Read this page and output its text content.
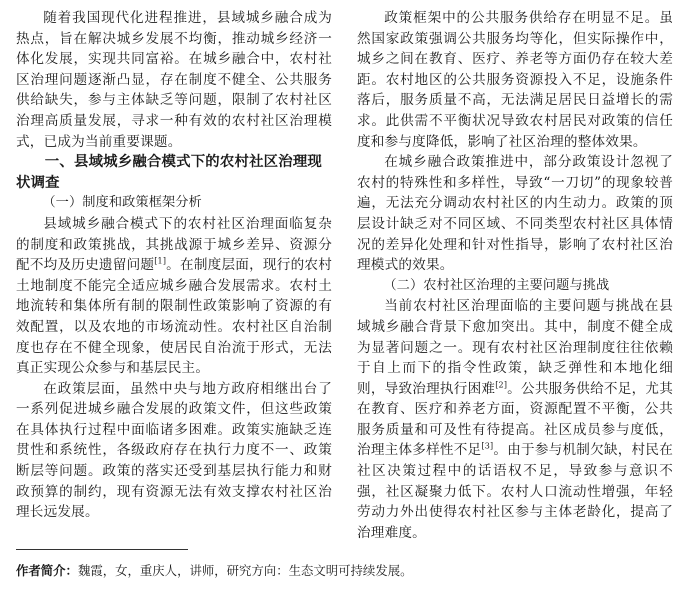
随着我国现代化进程推进，县域城乡融合成为热点，旨在解决城乡发展不均衡，推动城乡经济一体化发展，实现共同富裕。在城乡融合中，农村社区治理问题逐渐凸显，存在制度不健全、公共服务供给缺失，参与主体缺乏等问题，限制了农村社区治理高质量发展，寻求一种有效的农村社区治理模式，已成为当前重要课题。

一、县域城乡融合模式下的农村社区治理现状调查
（一）制度和政策框架分析

县域城乡融合模式下的农村社区治理面临复杂的制度和政策挑战，其挑战源于城乡差异、资源分配不均及历史遗留问题[1]。在制度层面，现行的农村土地制度不能完全适应城乡融合发展需求。农村土地流转和集体所有制的限制性政策影响了资源的有效配置，以及农地的市场流动性。农村社区自治制度也存在不健全现象，使居民自治流于形式，无法真正实现公众参与和基层民主。

在政策层面，虽然中央与地方政府相继出台了一系列促进城乡融合发展的政策文件，但这些政策在具体执行过程中面临诸多困难。政策实施缺乏连贯性和系统性，各级政府存在执行力度不一、政策断层等问题。政策的落实还受到基层执行能力和财政预算的制约，现有资源无法有效支撑农村社区治理长远发展。

政策框架中的公共服务供给存在明显不足。虽然国家政策强调公共服务均等化，但实际操作中，城乡之间在教育、医疗、养老等方面仍存在较大差距。农村地区的公共服务资源投入不足，设施条件落后，服务质量不高，无法满足居民日益增长的需求。此供需不平衡状况导致农村居民对政策的信任度和参与度降低，影响了社区治理的整体效果。

在城乡融合政策推进中，部分政策设计忽视了农村的特殊性和多样性，导致“一刀切”的现象较普遍，无法充分调动农村社区的内生动力。政策的顶层设计缺乏对不同区域、不同类型农村社区具体情况的差异化处理和针对性指导，影响了农村社区治理模式的效果。

（二）农村社区治理的主要问题与挑战

当前农村社区治理面临的主要问题与挑战在县域城乡融合背景下愈加突出。其中，制度不健全成为显著问题之一。现有农村社区治理制度往往依赖于自上而下的指令性政策，缺乏弹性和本地化细则，导致治理执行困难[2]。公共服务供给不足，尤其在教育、医疗和养老方面，资源配置不平衡，公共服务质量和可及性有待提高。社区成员参与度低，治理主体多样性不足[3]。由于参与机制欠缺，村民在社区决策过程中的话语权不足，导致参与意识不强，社区凝聚力低下。农村人口流动性增强，年轻劳动力外出使得农村社区参与主体老龄化，提高了治理难度。

作者简介：魏霞，女，重庆人，讲师，研究方向：生态文明可持续发展。
